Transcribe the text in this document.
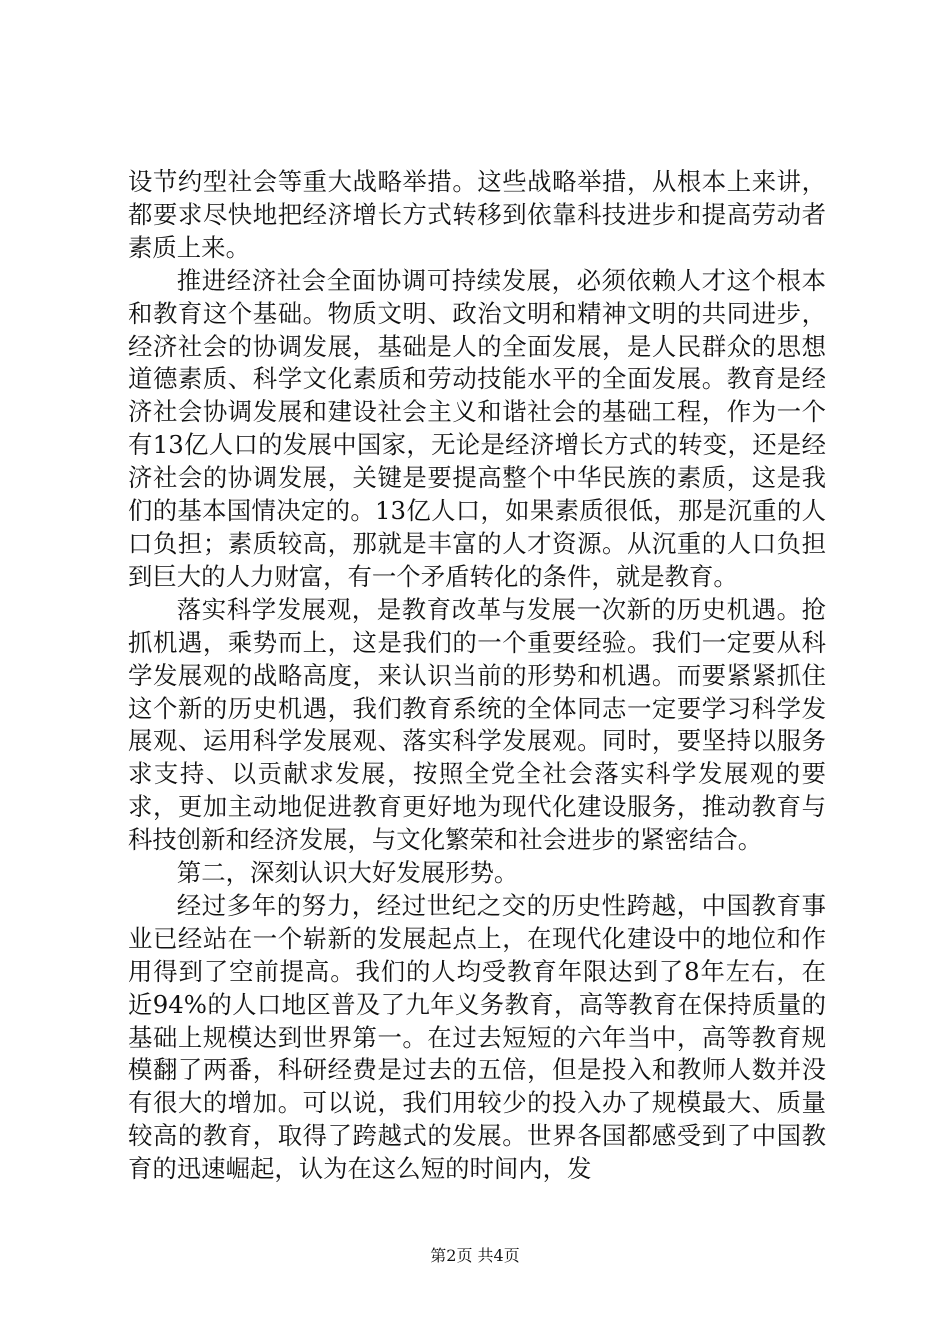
设节约型社会等重大战略举措。这些战略举措，从根本上来讲，都要求尽快地把经济增长方式转移到依靠科技进步和提高劳动者素质上来。

推进经济社会全面协调可持续发展，必须依赖人才这个根本和教育这个基础。物质文明、政治文明和精神文明的共同进步，经济社会的协调发展，基础是人的全面发展，是人民群众的思想道德素质、科学文化素质和劳动技能水平的全面发展。教育是经济社会协调发展和建设社会主义和谐社会的基础工程，作为一个有13亿人口的发展中国家，无论是经济增长方式的转变，还是经济社会的协调发展，关键是要提高整个中华民族的素质，这是我们的基本国情决定的。13亿人口，如果素质很低，那是沉重的人口负担；素质较高，那就是丰富的人才资源。从沉重的人口负担到巨大的人力财富，有一个矛盾转化的条件，就是教育。

落实科学发展观，是教育改革与发展一次新的历史机遇。抢抓机遇，乘势而上，这是我们的一个重要经验。我们一定要从科学发展观的战略高度，来认识当前的形势和机遇。而要紧紧抓住这个新的历史机遇，我们教育系统的全体同志一定要学习科学发展观、运用科学发展观、落实科学发展观。同时，要坚持以服务求支持、以贡献求发展，按照全党全社会落实科学发展观的要求，更加主动地促进教育更好地为现代化建设服务，推动教育与科技创新和经济发展，与文化繁荣和社会进步的紧密结合。

第二，深刻认识大好发展形势。

经过多年的努力，经过世纪之交的历史性跨越，中国教育事业已经站在一个崭新的发展起点上，在现代化建设中的地位和作用得到了空前提高。我们的人均受教育年限达到了8年左右，在近94%的人口地区普及了九年义务教育，高等教育在保持质量的基础上规模达到世界第一。在过去短短的六年当中，高等教育规模翻了两番，科研经费是过去的五倍，但是投入和教师人数并没有很大的增加。可以说，我们用较少的投入办了规模最大、质量较高的教育，取得了跨越式的发展。世界各国都感受到了中国教育的迅速崛起，认为在这么短的时间内，发

第2页 共4页
